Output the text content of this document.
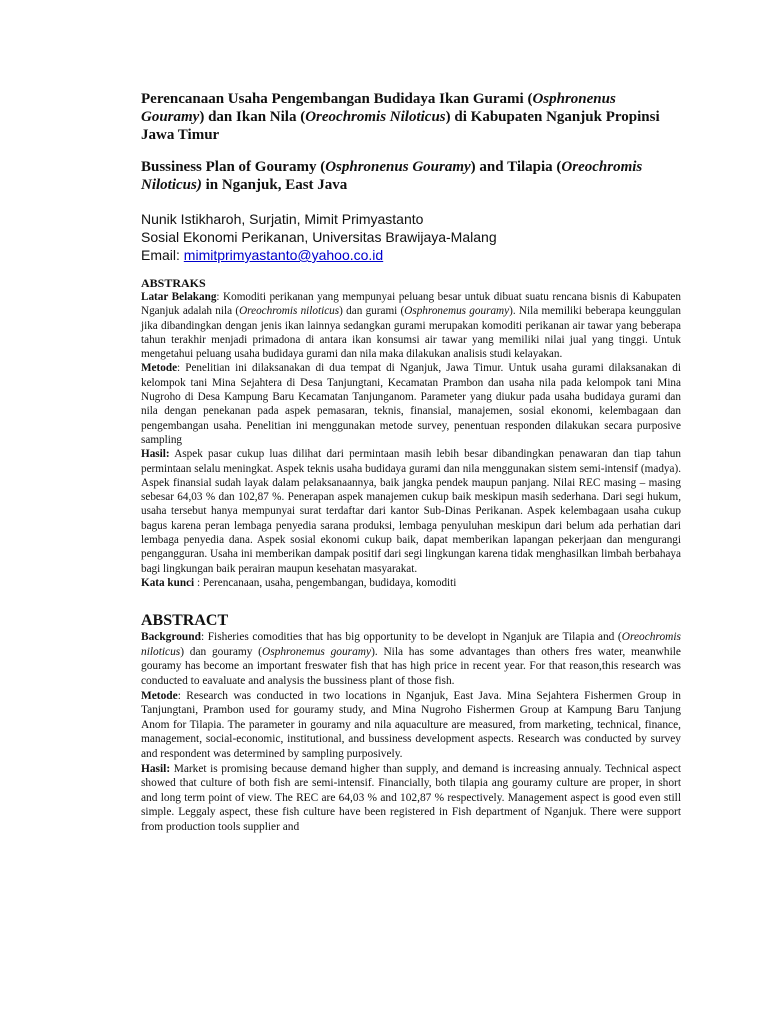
Perencanaan Usaha Pengembangan Budidaya Ikan Gurami (Osphronenus Gouramy) dan Ikan Nila (Oreochromis Niloticus) di Kabupaten Nganjuk Propinsi Jawa Timur

Bussiness Plan of Gouramy (Osphronenus Gouramy) and Tilapia (Oreochromis Niloticus) in Nganjuk, East Java

Nunik Istikharoh, Surjatin, Mimit Primyastanto
Sosial Ekonomi Perikanan, Universitas Brawijaya-Malang
Email: mimitprimyastanto@yahoo.co.id

ABSTRAKS

Latar Belakang: Komoditi perikanan yang mempunyai peluang besar untuk dibuat suatu rencana bisnis di Kabupaten Nganjuk adalah nila (Oreochromis niloticus) dan gurami (Osphronemus gouramy). Nila memiliki beberapa keunggulan jika dibandingkan dengan jenis ikan lainnya sedangkan gurami merupakan komoditi perikanan air tawar yang beberapa tahun terakhir menjadi primadona di antara ikan konsumsi air tawar yang memiliki nilai jual yang tinggi. Untuk mengetahui peluang usaha budidaya gurami dan nila maka dilakukan analisis studi kelayakan.

Metode: Penelitian ini dilaksanakan di dua tempat di Nganjuk, Jawa Timur. Untuk usaha gurami dilaksanakan di kelompok tani Mina Sejahtera di Desa Tanjungtani, Kecamatan Prambon dan usaha nila pada kelompok tani Mina Nugroho di Desa Kampung Baru Kecamatan Tanjunganom. Parameter yang diukur pada usaha budidaya gurami dan nila dengan penekanan pada aspek pemasaran, teknis, finansial, manajemen, sosial ekonomi, kelembagaan dan pengembangan usaha. Penelitian ini menggunakan metode survey, penentuan responden dilakukan secara purposive sampling

Hasil: Aspek pasar cukup luas dilihat dari permintaan masih lebih besar dibandingkan penawaran dan tiap tahun permintaan selalu meningkat. Aspek teknis usaha budidaya gurami dan nila menggunakan sistem semi-intensif (madya). Aspek finansial sudah layak dalam pelaksanaannya, baik jangka pendek maupun panjang. Nilai REC masing – masing sebesar 64,03 % dan 102,87 %. Penerapan aspek manajemen cukup baik meskipun masih sederhana. Dari segi hukum, usaha tersebut hanya mempunyai surat terdaftar dari kantor Sub-Dinas Perikanan. Aspek kelembagaan usaha cukup bagus karena peran lembaga penyedia sarana produksi, lembaga penyuluhan meskipun dari belum ada perhatian dari lembaga penyedia dana. Aspek sosial ekonomi cukup baik, dapat memberikan lapangan pekerjaan dan mengurangi pengangguran. Usaha ini memberikan dampak positif dari segi lingkungan karena tidak menghasilkan limbah berbahaya bagi lingkungan baik perairan maupun kesehatan masyarakat.

Kata kunci : Perencanaan, usaha, pengembangan, budidaya, komoditi

ABSTRACT

Background: Fisheries comodities that has big opportunity to be developt in Nganjuk are Tilapia and (Oreochromis niloticus) dan gouramy (Osphronemus gouramy). Nila has some advantages than others fres water, meanwhile gouramy has become an important freswater fish that has high price in recent year. For that reason,this research was conducted to eavaluate and analysis the bussiness plant of those fish.

Metode: Research was conducted in two locations in Nganjuk, East Java. Mina Sejahtera Fishermen Group in Tanjungtani, Prambon used for gouramy study, and Mina Nugroho Fishermen Group at Kampung Baru Tanjung Anom for Tilapia. The parameter in gouramy and nila aquaculture are measured, from marketing, technical, finance, management, social-economic, institutional, and bussiness development aspects. Research was conducted by survey and respondent was determined by sampling purposively.

Hasil: Market is promising because demand higher than supply, and demand is increasing annualy. Technical aspect showed that culture of both fish are semi-intensif. Financially, both tilapia ang gouramy culture are proper, in short and long term point of view. The REC are 64,03 % and 102,87 % respectively. Management aspect is good even still simple. Leggaly aspect, these fish culture have been registered in Fish department of Nganjuk. There were support from production tools supplier and
